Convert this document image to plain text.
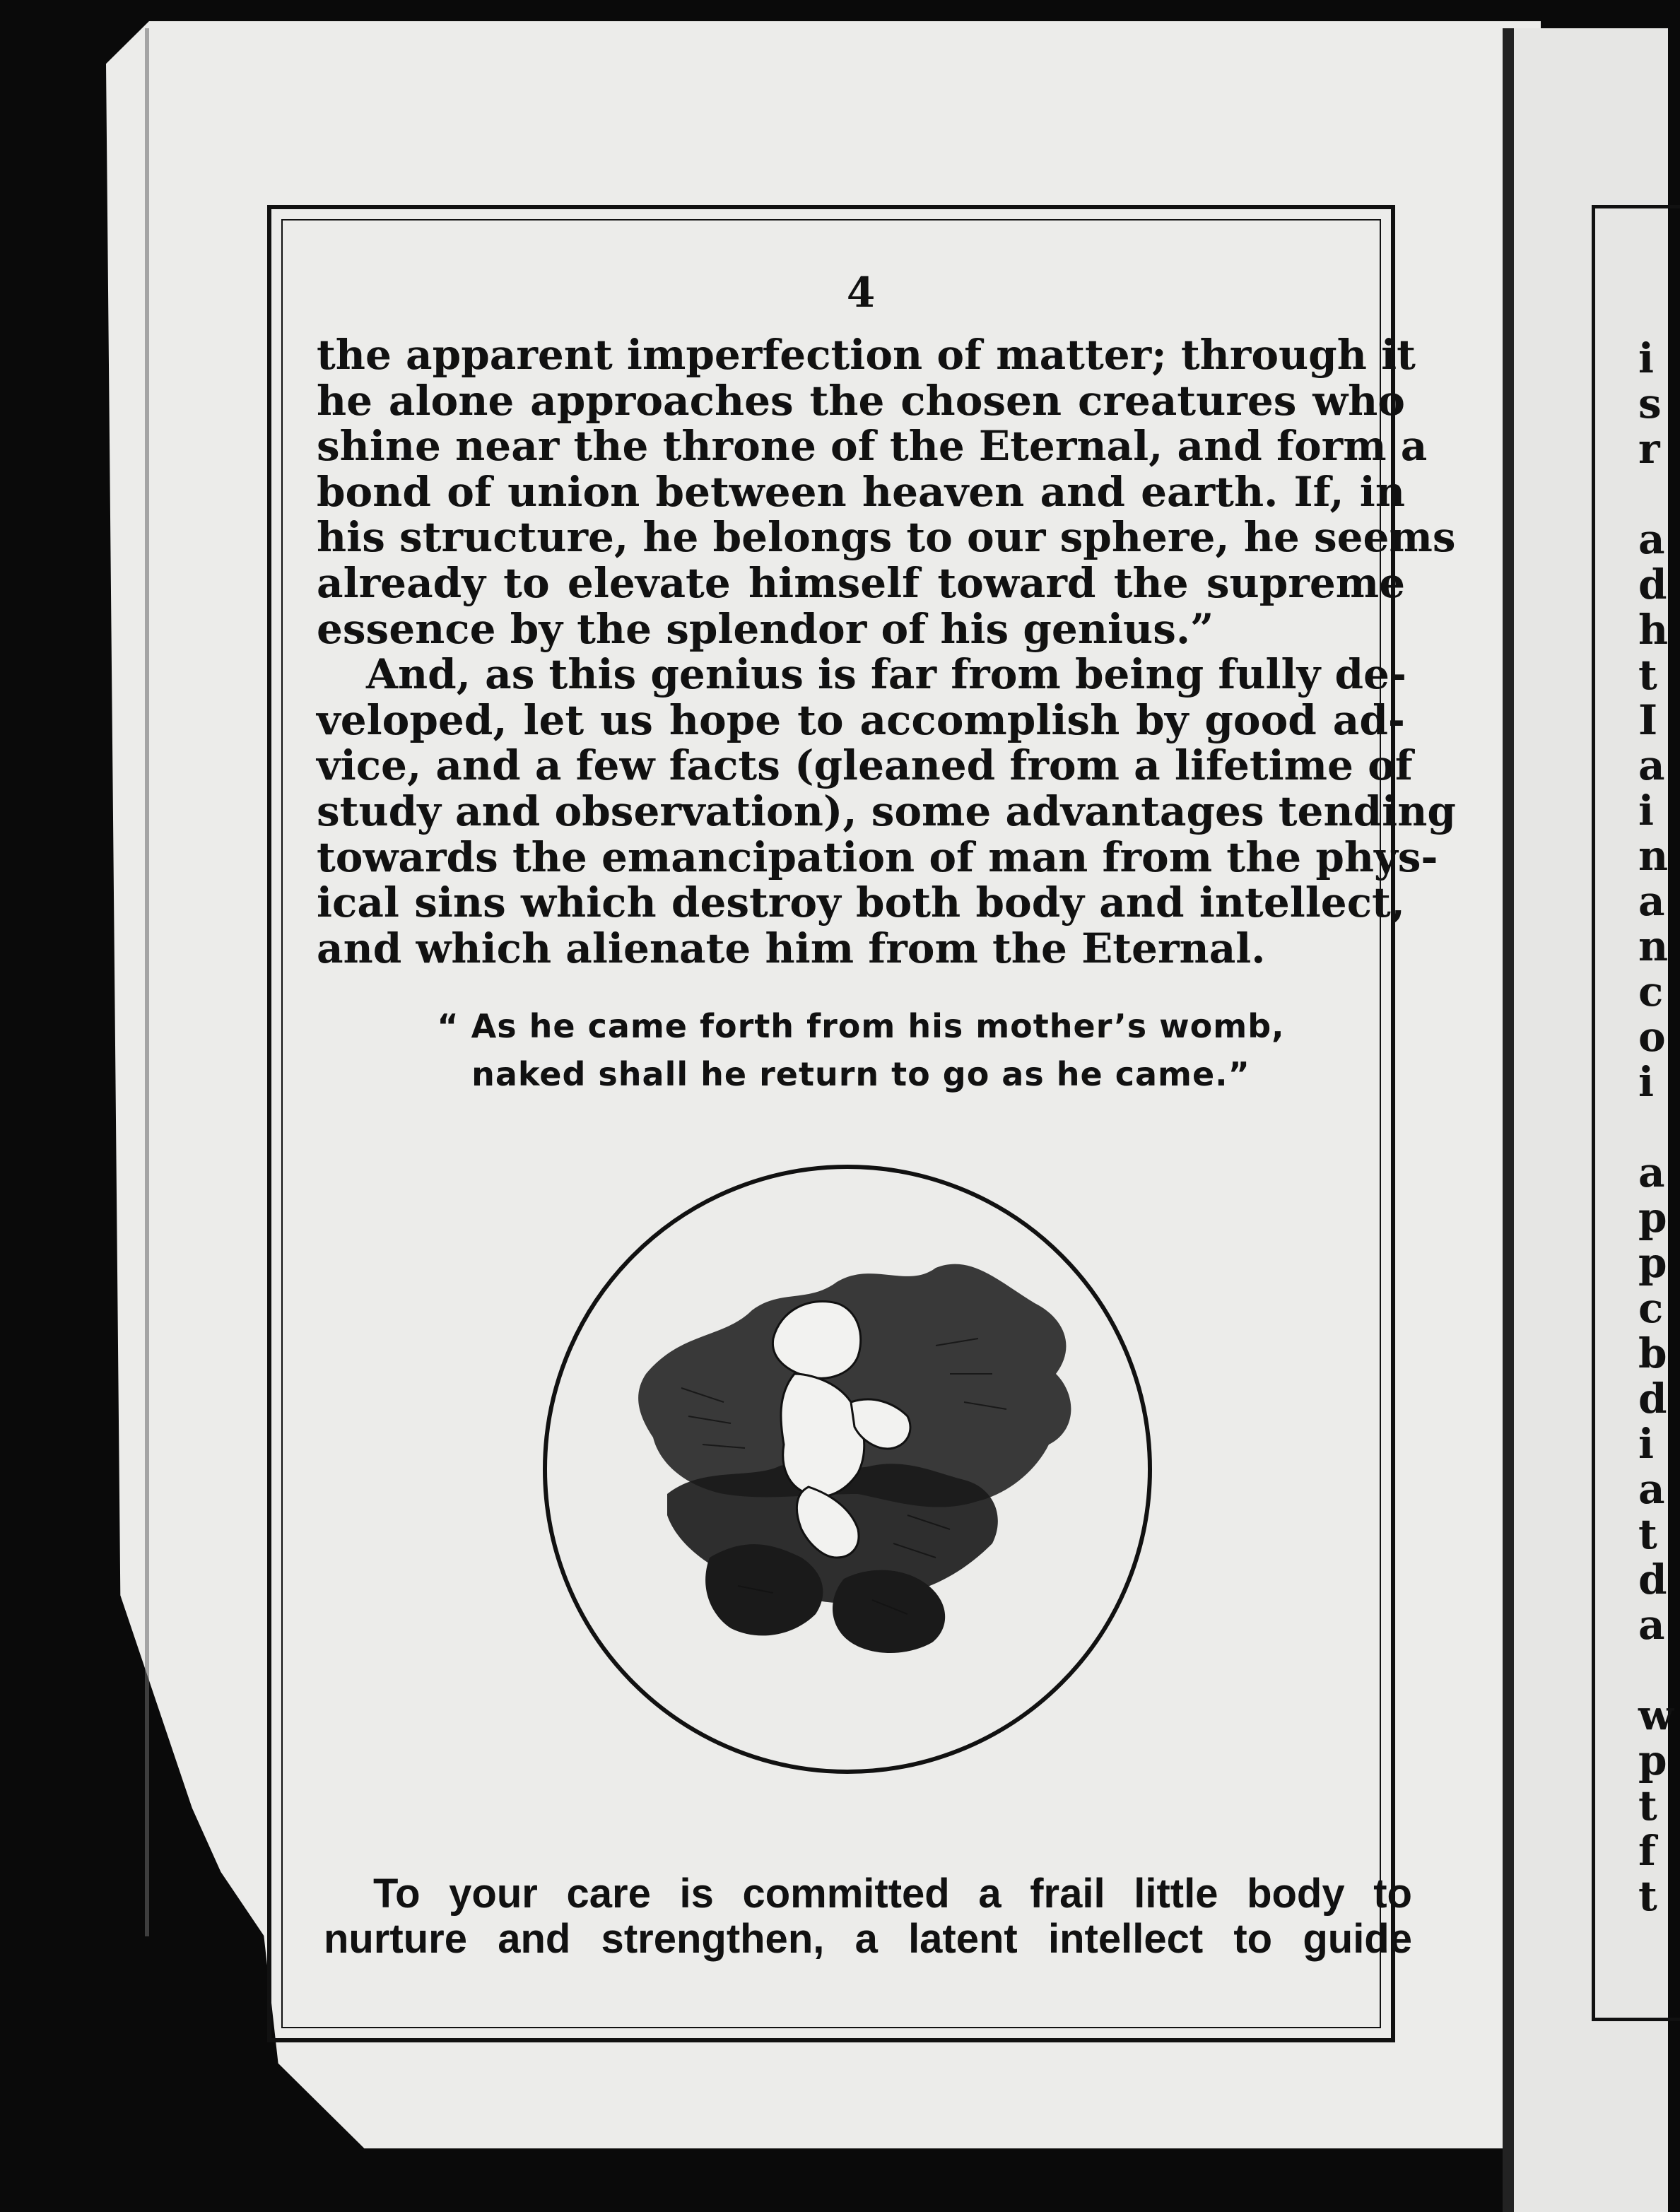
i
s
r
a
d
h
t
I
a
i
n
a
n
c
o
i
a
p
p
c
b
d
i
a
t
d
a
w
p
t
f
t
4
the apparent imperfection of matter; through it
he alone approaches the chosen creatures who
shine near the throne of the Eternal, and form a
bond of union between heaven and earth. If, in
his structure, he belongs to our sphere, he seems
already to elevate himself toward the supreme
essence by the splendor of his genius.”
And, as this genius is far from being fully de-
veloped, let us hope to accomplish by good ad-
vice, and a few facts (gleaned from a lifetime of
study and observation), some advantages tending
towards the emancipation of man from the phys-
ical sins which destroy both body and intellect,
and which alienate him from the Eternal.
“ As he came forth from his mother’s womb,
naked shall he return to go as he came.”
To your care is committed a frail little body to
nurture and strengthen, a latent intellect to guide
